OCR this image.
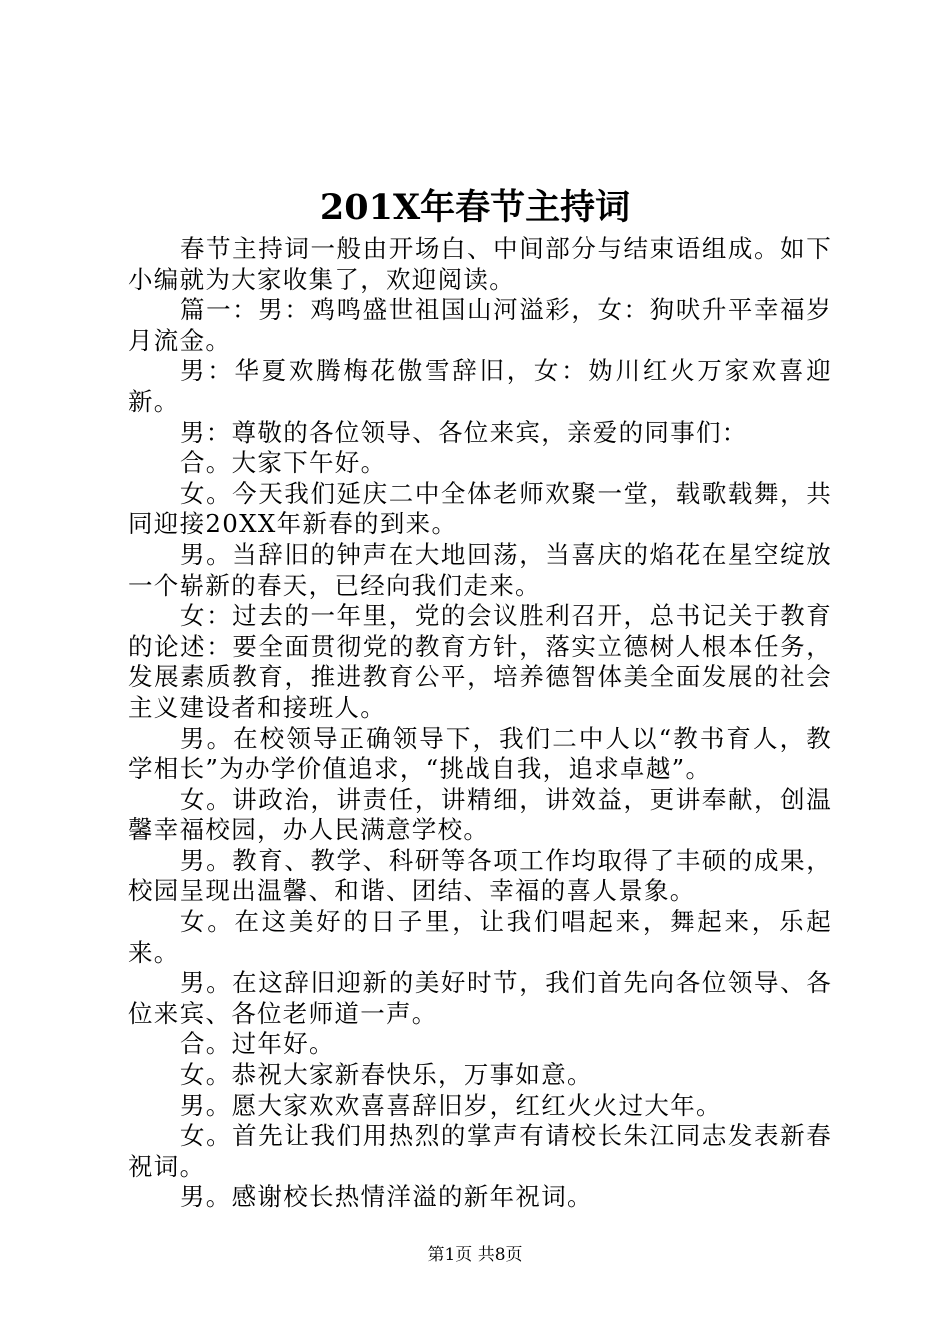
201X年春节主持词

春节主持词一般由开场白、中间部分与结束语组成。如下小编就为大家收集了，欢迎阅读。

篇一：男：鸡鸣盛世祖国山河溢彩，女：狗吠升平幸福岁月流金。

男：华夏欢腾梅花傲雪辞旧，女：妫川红火万家欢喜迎新。

男：尊敬的各位领导、各位来宾，亲爱的同事们：

合。大家下午好。

女。今天我们延庆二中全体老师欢聚一堂，载歌载舞，共同迎接20XX年新春的到来。

男。当辞旧的钟声在大地回荡，当喜庆的焰花在星空绽放一个崭新的春天，已经向我们走来。

女：过去的一年里，党的会议胜利召开，总书记关于教育的论述：要全面贯彻党的教育方针，落实立德树人根本任务，发展素质教育，推进教育公平，培养德智体美全面发展的社会主义建设者和接班人。

男。在校领导正确领导下，我们二中人以“教书育人，教学相长”为办学价值追求，“挑战自我，追求卓越”。

女。讲政治，讲责任，讲精细，讲效益，更讲奉献，创温馨幸福校园，办人民满意学校。

男。教育、教学、科研等各项工作均取得了丰硕的成果，校园呈现出温馨、和谐、团结、幸福的喜人景象。

女。在这美好的日子里，让我们唱起来，舞起来，乐起来。

男。在这辞旧迎新的美好时节，我们首先向各位领导、各位来宾、各位老师道一声。

合。过年好。

女。恭祝大家新春快乐，万事如意。

男。愿大家欢欢喜喜辞旧岁，红红火火过大年。

女。首先让我们用热烈的掌声有请校长朱江同志发表新春祝词。

男。感谢校长热情洋溢的新年祝词。

第1页 共8页
